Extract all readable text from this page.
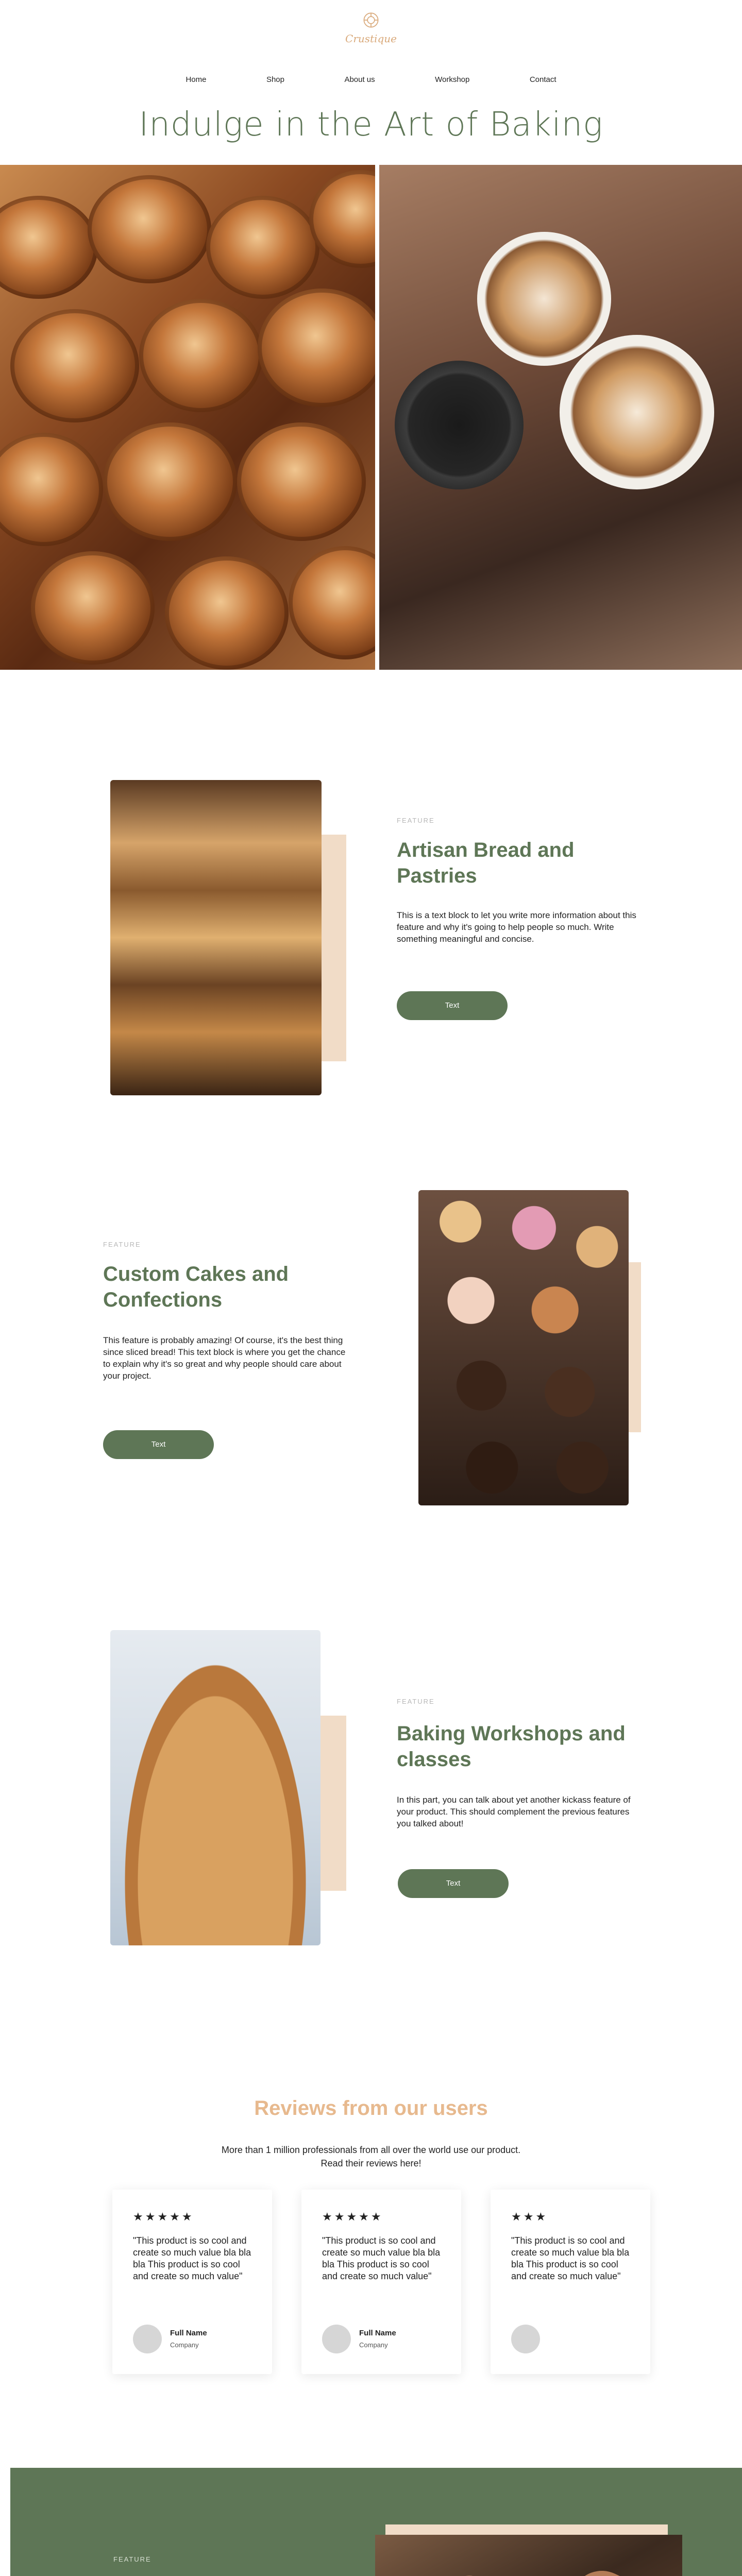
Crustique
Home	Shop	About us	Workshop	Contact
Indulge in the Art of Baking
FEATURE
Artisan Bread and Pastries
This is a text block to let you write more information about this feature and why it's going to help people so much. Write something meaningful and concise.
Text
FEATURE
Custom Cakes and Confections
This feature is probably amazing! Of course, it's the best thing since sliced bread! This text block is where you get the chance to explain why it's so great and why people should care about your project.
Text
FEATURE
Baking Workshops and classes
In this part, you can talk about yet another kickass feature of your product. This should complement the previous features you talked about!
Text
Reviews from our users

More than 1 million professionals from all over the world use our product. Read their reviews here!

★★★★★
"This product is so cool and create so much value bla bla bla This product is so cool and create so much value"
Full Name
Company
★★★★★
"This product is so cool and create so much value bla bla bla This product is so cool and create so much value"
Full Name
Company
★★★
"This product is so cool and create so much value bla bla bla This product is so cool and create so much value"
FEATURE
